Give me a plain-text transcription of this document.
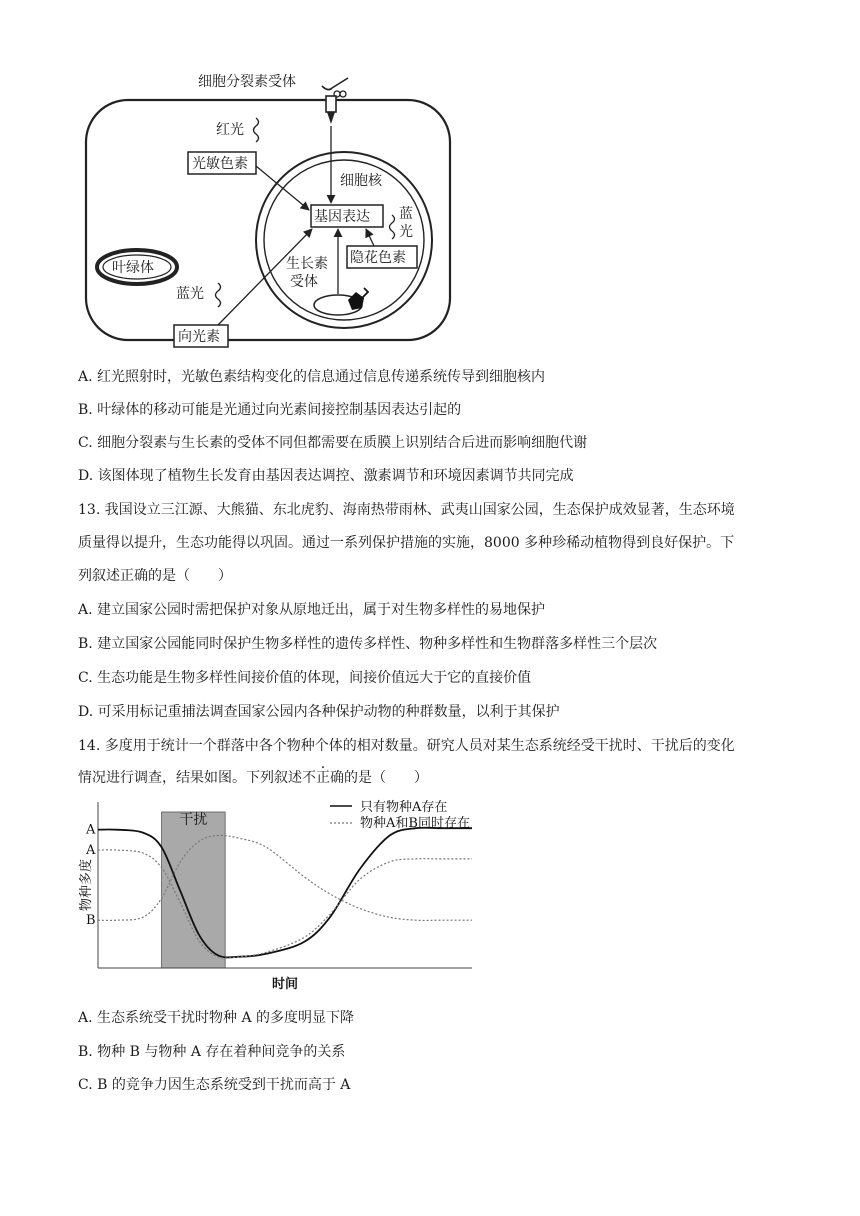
细胞分裂素受体
红光
光敏色素
细胞核
基因表达 蓝
光
隐花色素
生长素
受体
叶绿体
蓝光
向光素
A. 红光照射时，光敏色素结构变化的信息通过信息传递系统传导到细胞核内
B. 叶绿体的移动可能是光通过向光素间接控制基因表达引起的
C. 细胞分裂素与生长素的受体不同但都需要在质膜上识别结合后进而影响细胞代谢
D. 该图体现了植物生长发育由基因表达调控、激素调节和环境因素调节共同完成
13. 我国设立三江源、大熊猫、东北虎豹、海南热带雨林、武夷山国家公园，生态保护成效显著，生态环境
质量得以提升，生态功能得以巩固。通过一系列保护措施的实施，8000 多种珍稀动植物得到良好保护。下
列叙述正确的是（　　）
A. 建立国家公园时需把保护对象从原地迁出，属于对生物多样性的易地保护
B. 建立国家公园能同时保护生物多样性的遗传多样性、物种多样性和生物群落多样性三个层次
C. 生态功能是生物多样性间接价值的体现，间接价值远大于它的直接价值
D. 可采用标记重捕法调查国家公园内各种保护动物的种群数量，以利于其保护
14. 多度用于统计一个群落中各个物种个体的相对数量。研究人员对某生态系统经受干扰时、干扰后的变化
情况进行调查，结果如图。下列叙述不正确的是（　　）
干扰
物种多度
时间
A
A
B
只有物种A存在
物种A和B同时存在
A. 生态系统受干扰时物种 A 的多度明显下降
B. 物种 B 与物种 A 存在着种间竞争的关系
C. B 的竞争力因生态系统受到干扰而高于 A
